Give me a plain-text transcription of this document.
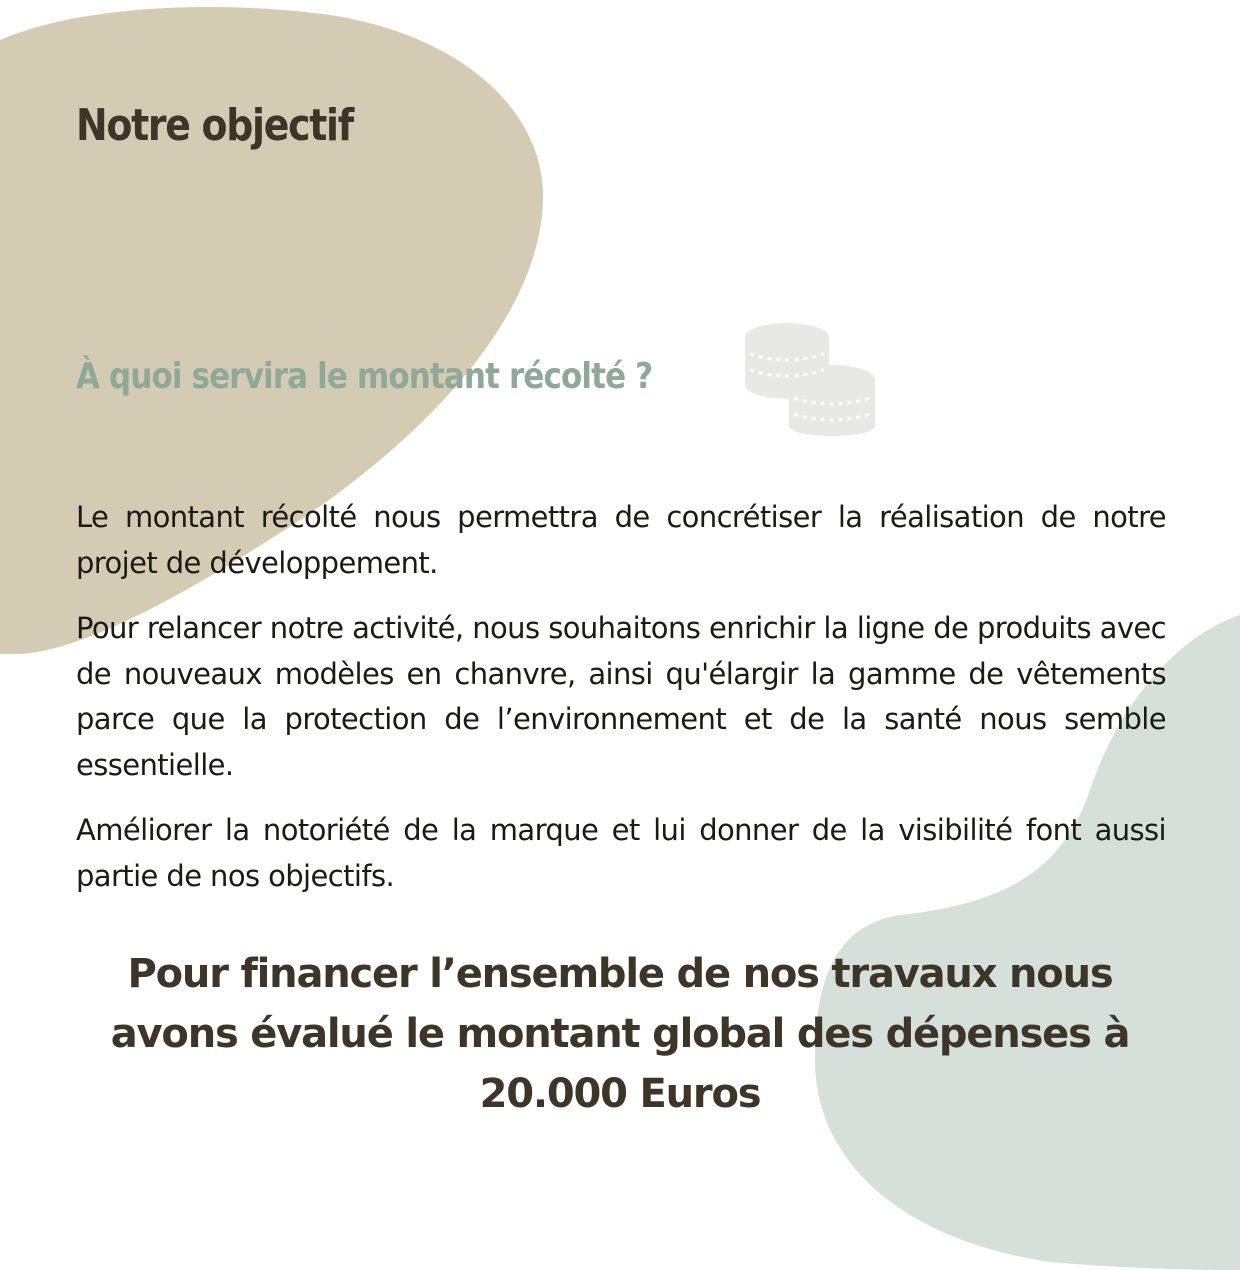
Notre objectif
À quoi servira le montant récolté ?

Le montant récolté nous permettra de concrétiser la réalisation de notre projet de développement.

Pour relancer notre activité, nous souhaitons enrichir la ligne de produits avec de nouveaux modèles en chanvre, ainsi qu'élargir la gamme de vêtements parce que la protection de l’environnement et de la santé nous semble essentielle.

Améliorer la notoriété de la marque et lui donner de la visibilité font aussi partie de nos objectifs.

Pour financer l’ensemble de nos travaux nous avons évalué le montant global des dépenses à 20.000 Euros
